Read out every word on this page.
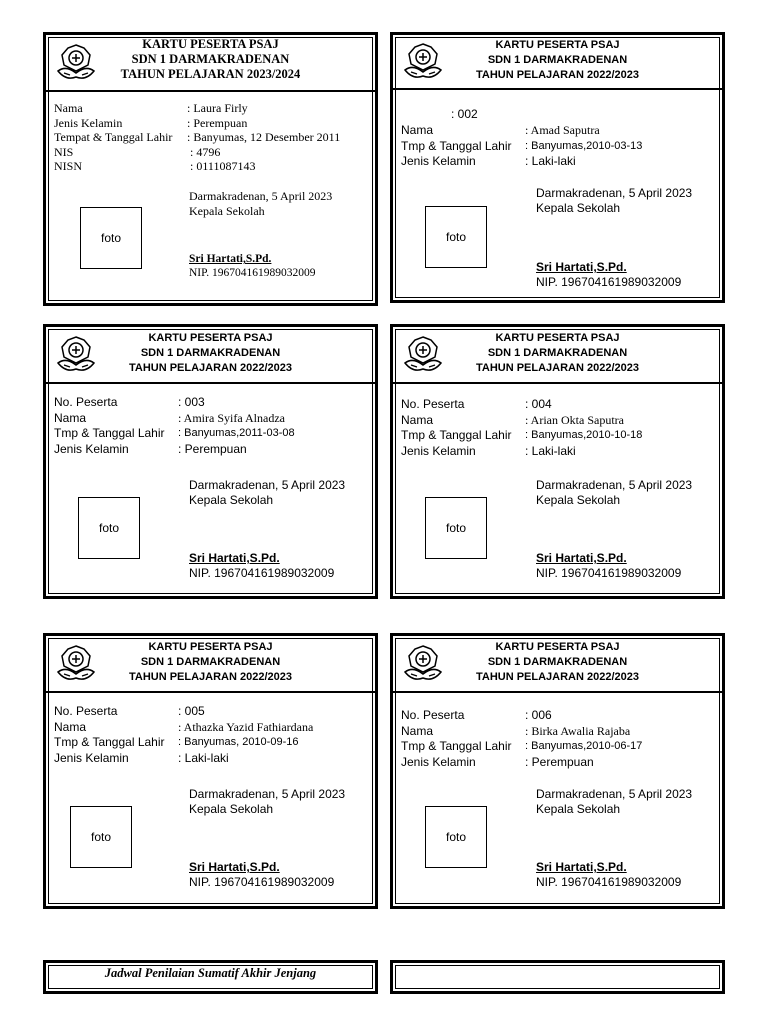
KARTU PESERTA PSAJ
SDN 1 DARMAKRADENAN
TAHUN PELAJARAN 2023/2024
Nama	: Laura Firly
Jenis Kelamin	: Perempuan
Tempat & Tanggal Lahir	: Banyumas, 12 Desember 2011
NIS	: 4796
NISN	: 0111087143
Darmakradenan, 5 April 2023
Kepala Sekolah
foto
Sri Hartati,S.Pd.
NIP. 196704161989032009
KARTU PESERTA PSAJ
SDN 1 DARMAKRADENAN
TAHUN PELAJARAN 2022/2023
: 002
Nama	: Amad Saputra
Tmp & Tanggal Lahir	: Banyumas,2010-03-13
Jenis Kelamin	: Laki-laki
Darmakradenan, 5 April 2023
Kepala Sekolah
foto
Sri Hartati,S.Pd.
NIP. 196704161989032009
KARTU PESERTA PSAJ
SDN 1 DARMAKRADENAN
TAHUN PELAJARAN 2022/2023
No. Peserta	: 003
Nama	: Amira Syifa Alnadza
Tmp & Tanggal Lahir	: Banyumas,2011-03-08
Jenis Kelamin	: Perempuan
Darmakradenan, 5 April 2023
Kepala Sekolah
foto
Sri Hartati,S.Pd.
NIP. 196704161989032009
KARTU PESERTA PSAJ
SDN 1 DARMAKRADENAN
TAHUN PELAJARAN 2022/2023
No. Peserta	: 004
Nama	: Arian Okta Saputra
Tmp & Tanggal Lahir	: Banyumas,2010-10-18
Jenis Kelamin	: Laki-laki
Darmakradenan, 5 April 2023
Kepala Sekolah
foto
Sri Hartati,S.Pd.
NIP. 196704161989032009
KARTU PESERTA PSAJ
SDN 1 DARMAKRADENAN
TAHUN PELAJARAN 2022/2023
No. Peserta	: 005
Nama	: Athazka Yazid Fathiardana
Tmp & Tanggal Lahir	: Banyumas, 2010-09-16
Jenis Kelamin	: Laki-laki
Darmakradenan, 5 April 2023
Kepala Sekolah
foto
Sri Hartati,S.Pd.
NIP. 196704161989032009
KARTU PESERTA PSAJ
SDN 1 DARMAKRADENAN
TAHUN PELAJARAN 2022/2023
No. Peserta	: 006
Nama	: Birka Awalia Rajaba
Tmp & Tanggal Lahir	: Banyumas,2010-06-17
Jenis Kelamin	: Perempuan
Darmakradenan, 5 April 2023
Kepala Sekolah
foto
Sri Hartati,S.Pd.
NIP. 196704161989032009
Jadwal Penilaian Sumatif Akhir Jenjang
